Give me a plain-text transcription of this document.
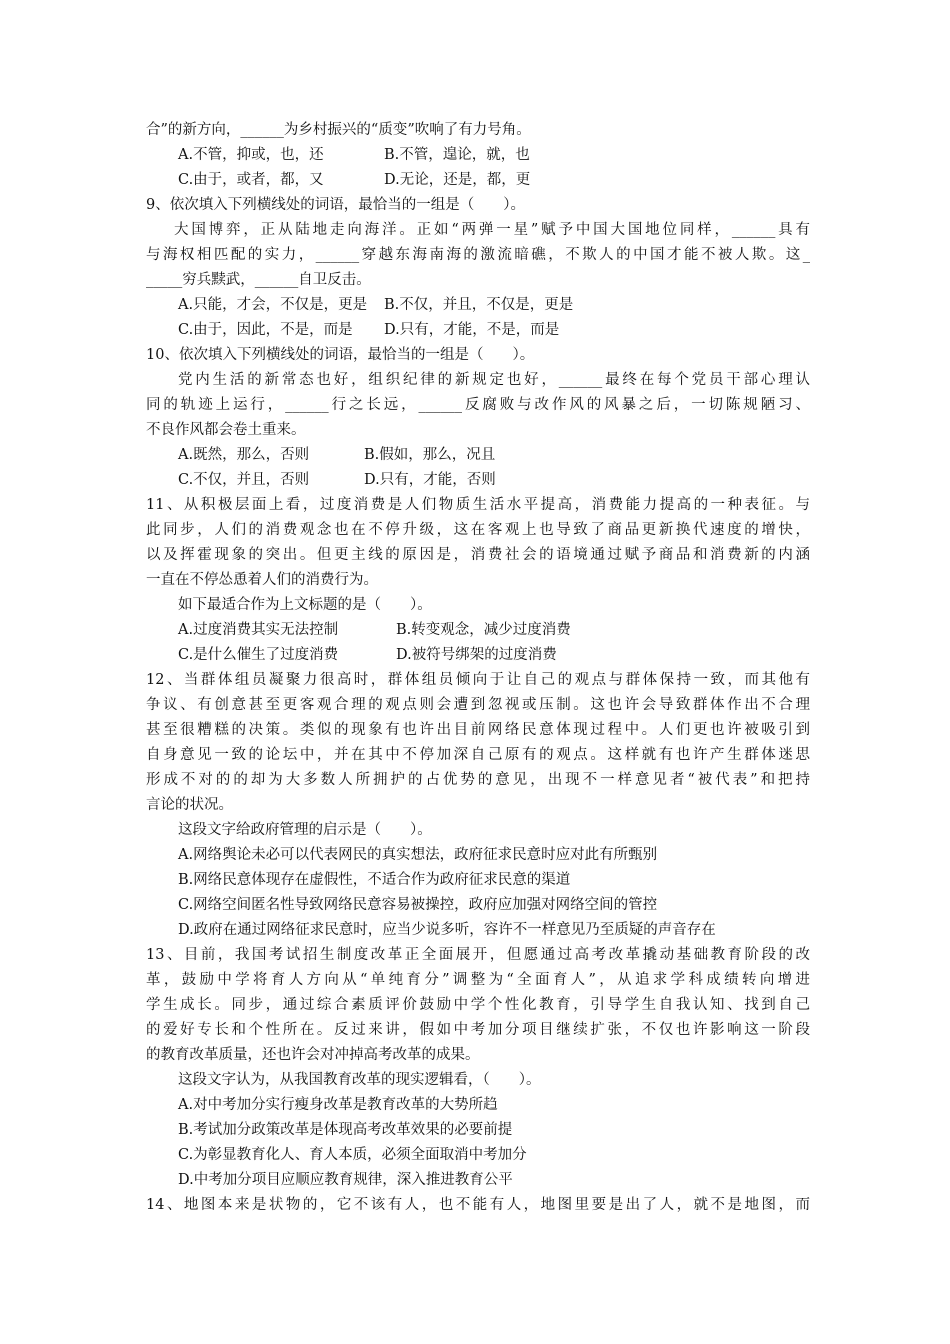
合”的新方向，______为乡村振兴的“质变”吹响了有力号角。
A.不管，抑或，也，还	B.不管，遑论，就，也
C.由于，或者，都，又	D.无论，还是，都，更
9、依次填入下列横线处的词语，最恰当的一组是（　　）。
大国博弈，正从陆地走向海洋。正如“两弹一星”赋予中国大国地位同样，______具有
与海权相匹配的实力，______穿越东海南海的激流暗礁，不欺人的中国才能不被人欺。这_
_____穷兵黩武，______自卫反击。
A.只能，才会，不仅是，更是 B.不仅，并且，不仅是，更是
C.由于，因此，不是，而是 D.只有，才能，不是，而是
10、依次填入下列横线处的词语，最恰当的一组是（　　）。
党内生活的新常态也好，组织纪律的新规定也好，______最终在每个党员干部心理认
同的轨迹上运行，______行之长远，______反腐败与改作风的风暴之后，一切陈规陋习、
不良作风都会卷土重来。
A.既然，那么，否则	B.假如，那么，况且
C.不仅，并且，否则	D.只有，才能，否则
11、从积极层面上看，过度消费是人们物质生活水平提高，消费能力提高的一种表征。与
此同步，人们的消费观念也在不停升级，这在客观上也导致了商品更新换代速度的增快，
以及挥霍现象的突出。但更主线的原因是，消费社会的语境通过赋予商品和消费新的内涵
一直在不停怂恿着人们的消费行为。
如下最适合作为上文标题的是（　　）。
A.过度消费其实无法控制	B.转变观念，减少过度消费
C.是什么催生了过度消费	D.被符号绑架的过度消费
12、当群体组员凝聚力很高时，群体组员倾向于让自己的观点与群体保持一致，而其他有
争议、有创意甚至更客观合理的观点则会遭到忽视或压制。这也许会导致群体作出不合理
甚至很糟糕的决策。类似的现象有也许出目前网络民意体现过程中。人们更也许被吸引到
自身意见一致的论坛中，并在其中不停加深自己原有的观点。这样就有也许产生群体迷思
形成不对的的却为大多数人所拥护的占优势的意见，出现不一样意见者“被代表”和把持
言论的状况。
这段文字给政府管理的启示是（　　）。
A.网络舆论未必可以代表网民的真实想法，政府征求民意时应对此有所甄别
B.网络民意体现存在虚假性，不适合作为政府征求民意的渠道
C.网络空间匿名性导致网络民意容易被操控，政府应加强对网络空间的管控
D.政府在通过网络征求民意时，应当少说多听，容许不一样意见乃至质疑的声音存在
13、目前，我国考试招生制度改革正全面展开，但愿通过高考改革撬动基础教育阶段的改
革，鼓励中学将育人方向从“单纯育分”调整为“全面育人”，从追求学科成绩转向增进
学生成长。同步，通过综合素质评价鼓励中学个性化教育，引导学生自我认知、找到自己
的爱好专长和个性所在。反过来讲，假如中考加分项目继续扩张，不仅也许影响这一阶段
的教育改革质量，还也许会对冲掉高考改革的成果。
这段文字认为，从我国教育改革的现实逻辑看，（　　）。
A.对中考加分实行瘦身改革是教育改革的大势所趋
B.考试加分政策改革是体现高考改革效果的必要前提
C.为彰显教育化人、育人本质，必须全面取消中考加分
D.中考加分项目应顺应教育规律，深入推进教育公平
14、地图本来是状物的，它不该有人，也不能有人，地图里要是出了人，就不是地图，而
